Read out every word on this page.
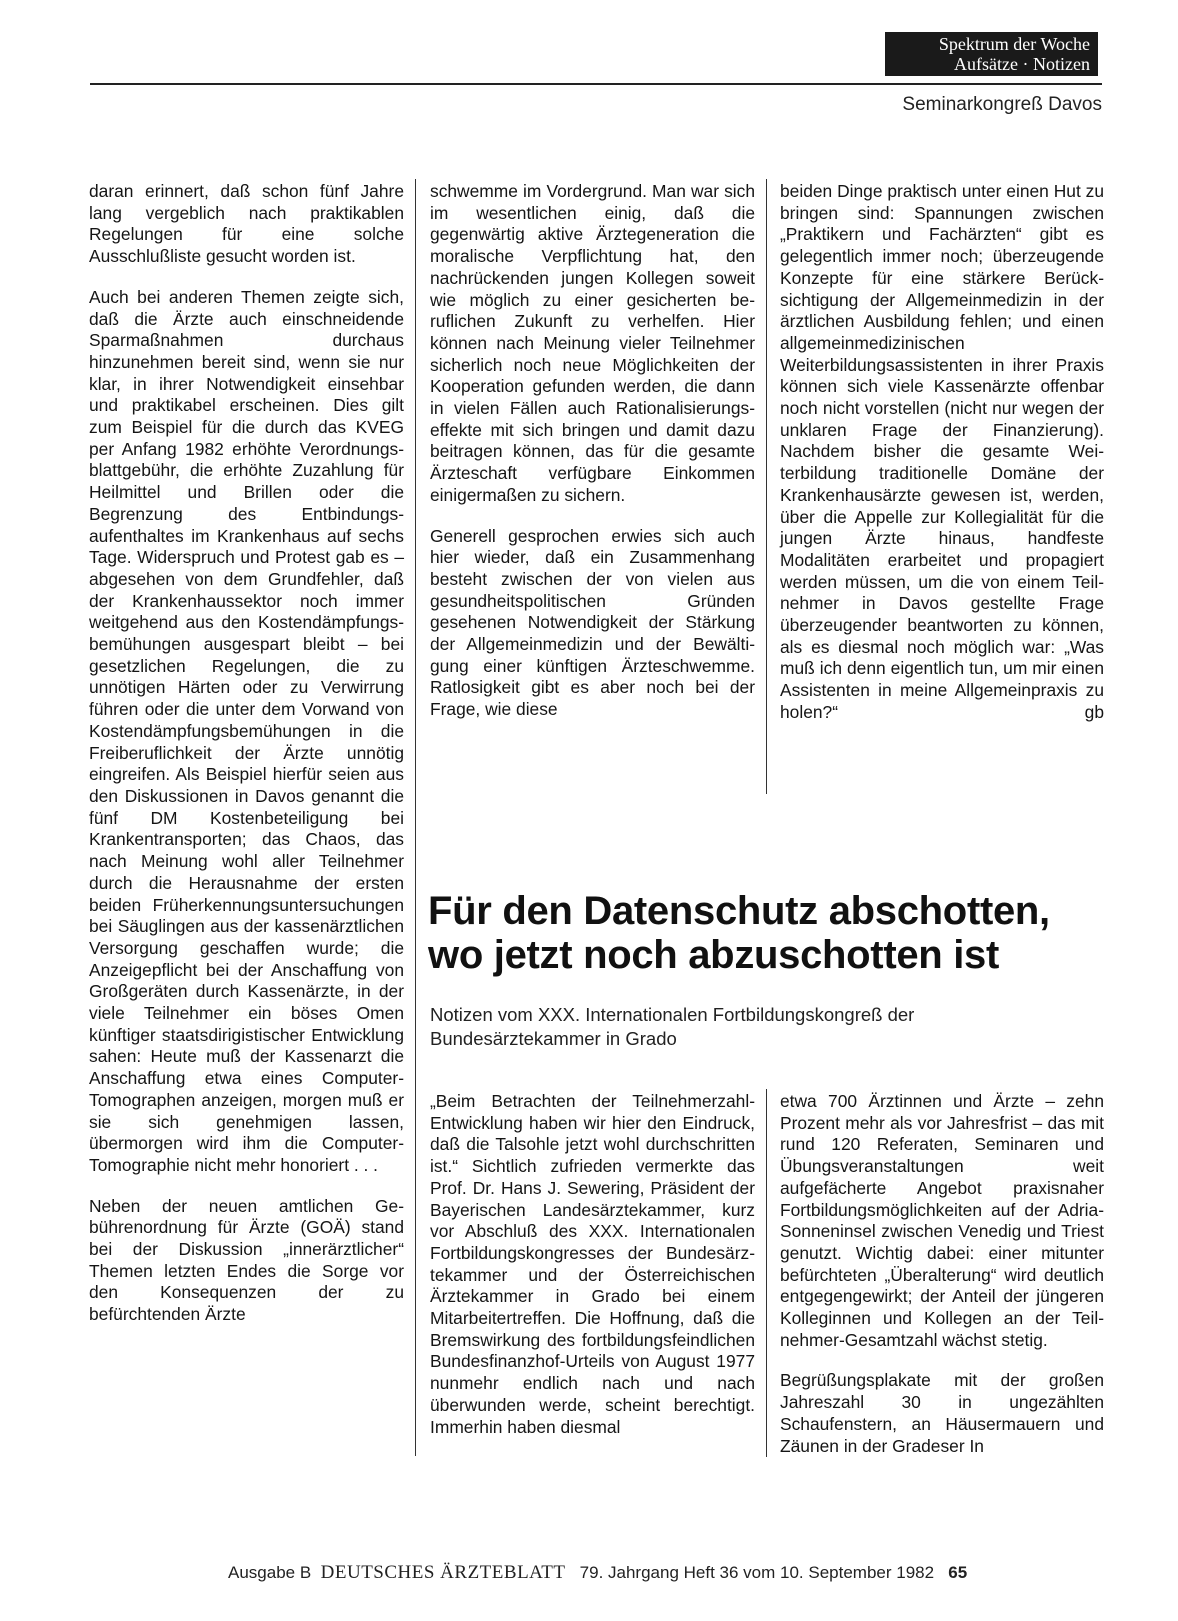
Spektrum der Woche
Aufsätze · Notizen
Seminarkongreß Davos

daran erinnert, daß schon fünf Jahre lang vergeblich nach praktikablen Regelungen für eine solche Ausschlußliste gesucht worden ist.

Auch bei anderen Themen zeigte sich, daß die Ärzte auch einschneidende Sparmaßnahmen durchaus hinzunehmen bereit sind, wenn sie nur klar, in ihrer Notwendigkeit einsehbar und praktikabel erscheinen. Dies gilt zum Beispiel für die durch das KVEG per Anfang 1982 erhöhte Verordnungsblattgebühr, die erhöhte Zuzahlung für Heilmittel und Brillen oder die Begrenzung des Entbindungsaufenthaltes im Krankenhaus auf sechs Tage. Widerspruch und Protest gab es – abgesehen von dem Grundfehler, daß der Krankenhaussektor noch immer weitgehend aus den Kostendämpfungsbemühungen ausgespart bleibt – bei gesetzlichen Regelungen, die zu unnötigen Härten oder zu Verwirrung führen oder die unter dem Vorwand von Kostendämpfungsbemühungen in die Freiberuflichkeit der Ärzte unnötig eingreifen. Als Beispiel hierfür seien aus den Diskussionen in Davos genannt die fünf DM Kostenbeteiligung bei Krankentransporten; das Chaos, das nach Meinung wohl aller Teilnehmer durch die Herausnahme der ersten beiden Früherkennungsuntersuchungen bei Säuglingen aus der kassenärztlichen Versorgung geschaffen wurde; die Anzeigepflicht bei der Anschaffung von Großgeräten durch Kassenärzte, in der viele Teilnehmer ein böses Omen künftiger staatsdirigistischer Entwicklung sahen: Heute muß der Kassenarzt die Anschaffung etwa eines Computer-Tomographen anzeigen, morgen muß er sie sich genehmigen lassen, übermorgen wird ihm die Computer-Tomographie nicht mehr honoriert . . .

Neben der neuen amtlichen Gebührenordnung für Ärzte (GOÄ) stand bei der Diskussion „innerärztlicher“ Themen letzten Endes die Sorge vor den Konsequenzen der zu befürchtenden Ärzte

schwemme im Vordergrund. Man war sich im wesentlichen einig, daß die gegenwärtig aktive Ärztegeneration die moralische Verpflichtung hat, den nachrückenden jungen Kollegen soweit wie möglich zu einer gesicherten beruflichen Zukunft zu verhelfen. Hier können nach Meinung vieler Teilnehmer sicherlich noch neue Möglichkeiten der Kooperation gefunden werden, die dann in vielen Fällen auch Rationalisierungseffekte mit sich bringen und damit dazu beitragen können, das für die gesamte Ärzteschaft verfügbare Einkommen einigermaßen zu sichern.

Generell gesprochen erwies sich auch hier wieder, daß ein Zusammenhang besteht zwischen der von vielen aus gesundheitspolitischen Gründen gesehenen Notwendigkeit der Stärkung der Allgemeinmedizin und der Bewältigung einer künftigen Ärzteschwemme. Ratlosigkeit gibt es aber noch bei der Frage, wie diese

beiden Dinge praktisch unter einen Hut zu bringen sind: Spannungen zwischen „Praktikern und Fachärzten“ gibt es gelegentlich immer noch; überzeugende Konzepte für eine stärkere Berücksichtigung der Allgemeinmedizin in der ärztlichen Ausbildung fehlen; und einen allgemeinmedizinischen Weiterbildungsassistenten in ihrer Praxis können sich viele Kassenärzte offenbar noch nicht vorstellen (nicht nur wegen der unklaren Frage der Finanzierung). Nachdem bisher die gesamte Weiterbildung traditionelle Domäne der Krankenhausärzte gewesen ist, werden, über die Appelle zur Kollegialität für die jungen Ärzte hinaus, handfeste Modalitäten erarbeitet und propagiert werden müssen, um die von einem Teilnehmer in Davos gestellte Frage überzeugender beantworten zu können, als es diesmal noch möglich war: „Was muß ich denn eigentlich tun, um mir einen Assistenten in meine Allgemeinpraxis zu holen?“	gb

Für den Datenschutz abschotten, wo jetzt noch abzuschotten ist

Notizen vom XXX. Internationalen Fortbildungskongreß der Bundesärztekammer in Grado

„Beim Betrachten der Teilnehmerzahl-Entwicklung haben wir hier den Eindruck, daß die Talsohle jetzt wohl durchschritten ist.“ Sichtlich zufrieden vermerkte das Prof. Dr. Hans J. Sewering, Präsident der Bayerischen Landesärztekammer, kurz vor Abschluß des XXX. Internationalen Fortbildungskongresses der Bundesärztekammer und der Österreichischen Ärztekammer in Grado bei einem Mitarbeitertreffen. Die Hoffnung, daß die Bremswirkung des fortbildungsfeindlichen Bundesfinanzhof-Urteils von August 1977 nunmehr endlich nach und nach überwunden werde, scheint berechtigt. Immerhin haben diesmal

etwa 700 Ärztinnen und Ärzte – zehn Prozent mehr als vor Jahresfrist – das mit rund 120 Referaten, Seminaren und Übungsveranstaltungen weit aufgefächerte Angebot praxisnaher Fortbildungsmöglichkeiten auf der Adria-Sonneninsel zwischen Venedig und Triest genutzt. Wichtig dabei: einer mitunter befürchteten „Überalterung“ wird deutlich entgegengewirkt; der Anteil der jüngeren Kolleginnen und Kollegen an der Teilnehmer-Gesamtzahl wächst stetig.

Begrüßungsplakate mit der großen Jahreszahl 30 in ungezählten Schaufenstern, an Häusermauern und Zäunen in der Gradeser In

Ausgabe B DEUTSCHES ÄRZTEBLATT 79. Jahrgang Heft 36 vom 10. September 1982 65
